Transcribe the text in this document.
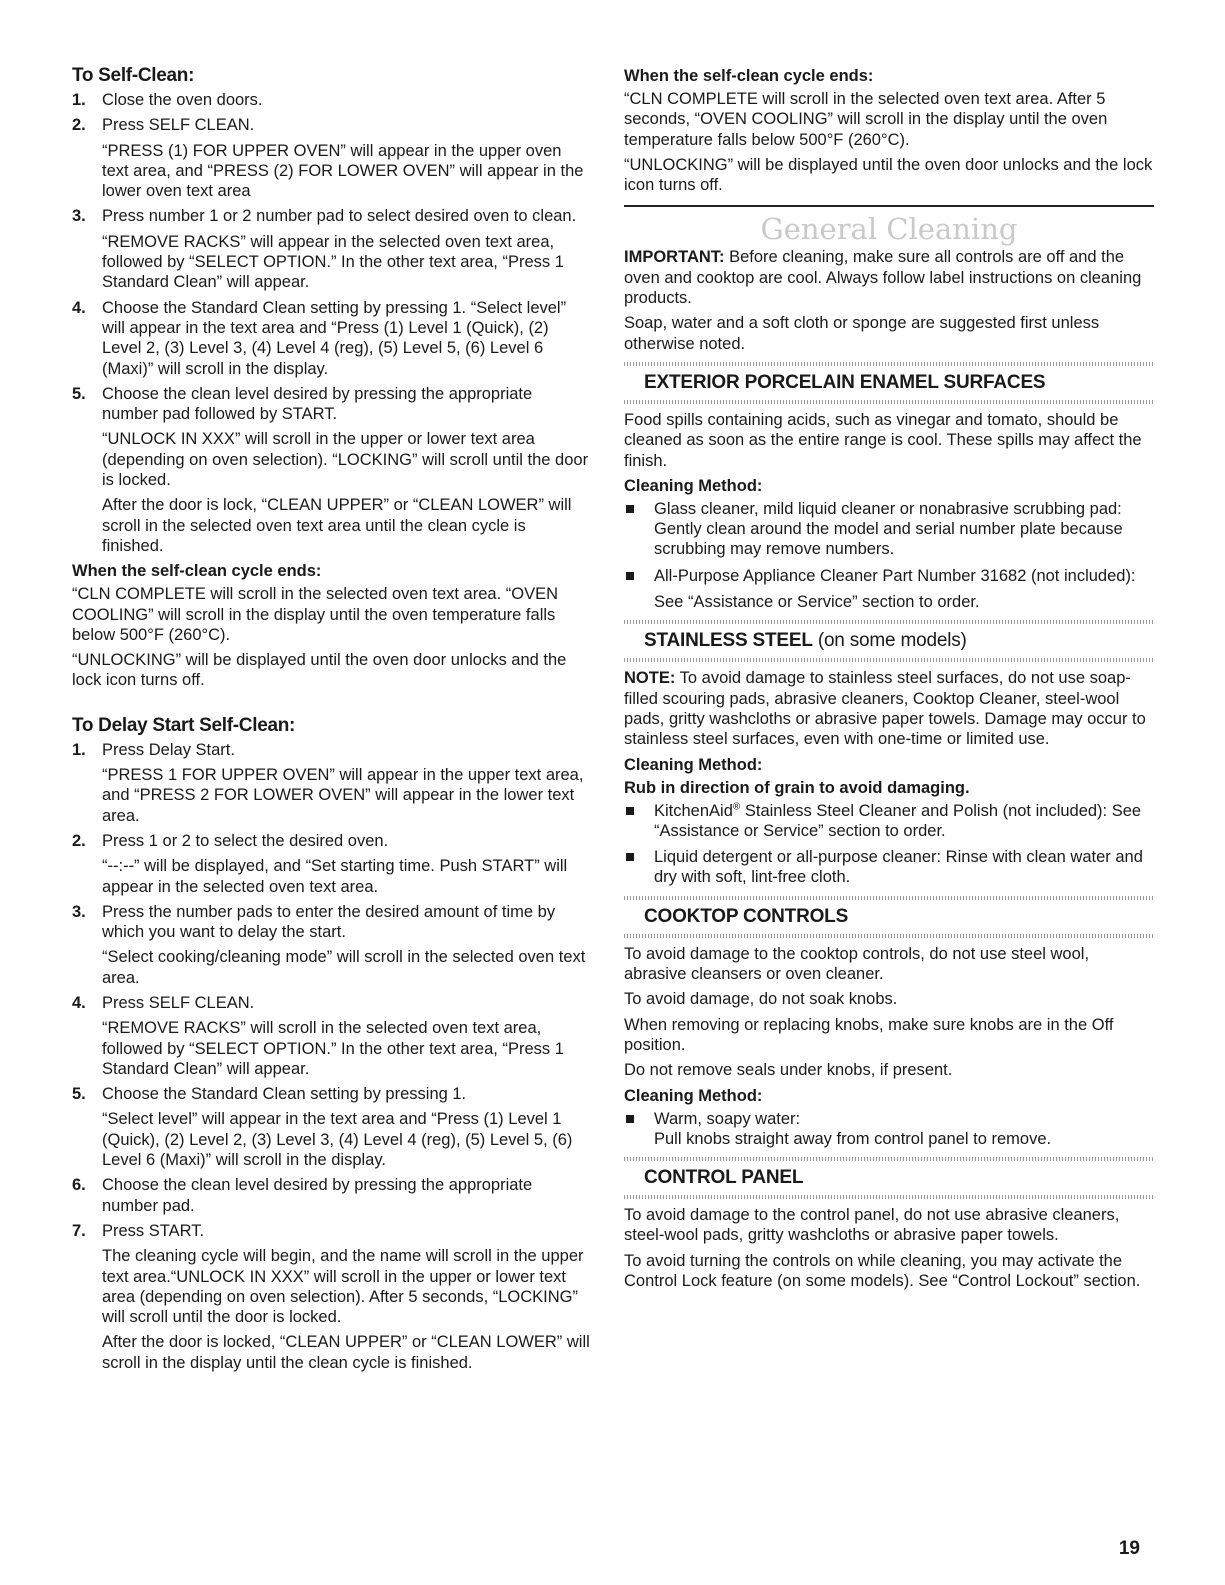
To Self-Clean:
1. Close the oven doors.

2. Press SELF CLEAN.

“PRESS (1) FOR UPPER OVEN” will appear in the upper oven text area, and “PRESS (2) FOR LOWER OVEN” will appear in the lower oven text area

3. Press number 1 or 2 number pad to select desired oven to clean.

“REMOVE RACKS” will appear in the selected oven text area, followed by “SELECT OPTION.” In the other text area, “Press 1 Standard Clean” will appear.

4. Choose the Standard Clean setting by pressing 1. “Select level” will appear in the text area and “Press (1) Level 1 (Quick), (2) Level 2, (3) Level 3, (4) Level 4 (reg), (5) Level 5, (6) Level 6 (Maxi)” will scroll in the display.

5. Choose the clean level desired by pressing the appropriate number pad followed by START.

“UNLOCK IN XXX” will scroll in the upper or lower text area (depending on oven selection). “LOCKING” will scroll until the door is locked.

After the door is lock, “CLEAN UPPER” or “CLEAN LOWER” will scroll in the selected oven text area until the clean cycle is finished.

When the self-clean cycle ends:

“CLN COMPLETE will scroll in the selected oven text area. “OVEN COOLING” will scroll in the display until the oven temperature falls below 500°F (260°C).

“UNLOCKING” will be displayed until the oven door unlocks and the lock icon turns off.

To Delay Start Self-Clean:
1. Press Delay Start.

“PRESS 1 FOR UPPER OVEN” will appear in the upper text area, and “PRESS 2 FOR LOWER OVEN” will appear in the lower text area.

2. Press 1 or 2 to select the desired oven.

“--:--” will be displayed, and “Set starting time. Push START” will appear in the selected oven text area.

3. Press the number pads to enter the desired amount of time by which you want to delay the start.

“Select cooking/cleaning mode” will scroll in the selected oven text area.

4. Press SELF CLEAN.

“REMOVE RACKS” will scroll in the selected oven text area, followed by “SELECT OPTION.” In the other text area, “Press 1 Standard Clean” will appear.

5. Choose the Standard Clean setting by pressing 1.

“Select level” will appear in the text area and “Press (1) Level 1 (Quick), (2) Level 2, (3) Level 3, (4) Level 4 (reg), (5) Level 5, (6) Level 6 (Maxi)” will scroll in the display.

6. Choose the clean level desired by pressing the appropriate number pad.

7. Press START.

The cleaning cycle will begin, and the name will scroll in the upper text area.“UNLOCK IN XXX” will scroll in the upper or lower text area (depending on oven selection). After 5 seconds, “LOCKING” will scroll until the door is locked.

After the door is locked, “CLEAN UPPER” or “CLEAN LOWER” will scroll in the display until the clean cycle is finished.

When the self-clean cycle ends:

“CLN COMPLETE will scroll in the selected oven text area. After 5 seconds, “OVEN COOLING” will scroll in the display until the oven temperature falls below 500°F (260°C).

“UNLOCKING” will be displayed until the oven door unlocks and the lock icon turns off.

General Cleaning

IMPORTANT: Before cleaning, make sure all controls are off and the oven and cooktop are cool. Always follow label instructions on cleaning products.

Soap, water and a soft cloth or sponge are suggested first unless otherwise noted.

EXTERIOR PORCELAIN ENAMEL SURFACES

Food spills containing acids, such as vinegar and tomato, should be cleaned as soon as the entire range is cool. These spills may affect the finish.

Cleaning Method:

Glass cleaner, mild liquid cleaner or nonabrasive scrubbing pad: Gently clean around the model and serial number plate because scrubbing may remove numbers.

All-Purpose Appliance Cleaner Part Number 31682 (not included):

See “Assistance or Service” section to order.

STAINLESS STEEL (on some models)

NOTE: To avoid damage to stainless steel surfaces, do not use soap-filled scouring pads, abrasive cleaners, Cooktop Cleaner, steel-wool pads, gritty washcloths or abrasive paper towels. Damage may occur to stainless steel surfaces, even with one-time or limited use.

Cleaning Method:
Rub in direction of grain to avoid damaging.

KitchenAid® Stainless Steel Cleaner and Polish (not included): See “Assistance or Service” section to order.

Liquid detergent or all-purpose cleaner: Rinse with clean water and dry with soft, lint-free cloth.

COOKTOP CONTROLS

To avoid damage to the cooktop controls, do not use steel wool, abrasive cleansers or oven cleaner.

To avoid damage, do not soak knobs.

When removing or replacing knobs, make sure knobs are in the Off position.

Do not remove seals under knobs, if present.

Cleaning Method:

Warm, soapy water:

Pull knobs straight away from control panel to remove.

CONTROL PANEL

To avoid damage to the control panel, do not use abrasive cleaners, steel-wool pads, gritty washcloths or abrasive paper towels.

To avoid turning the controls on while cleaning, you may activate the Control Lock feature (on some models). See “Control Lockout” section.

19
